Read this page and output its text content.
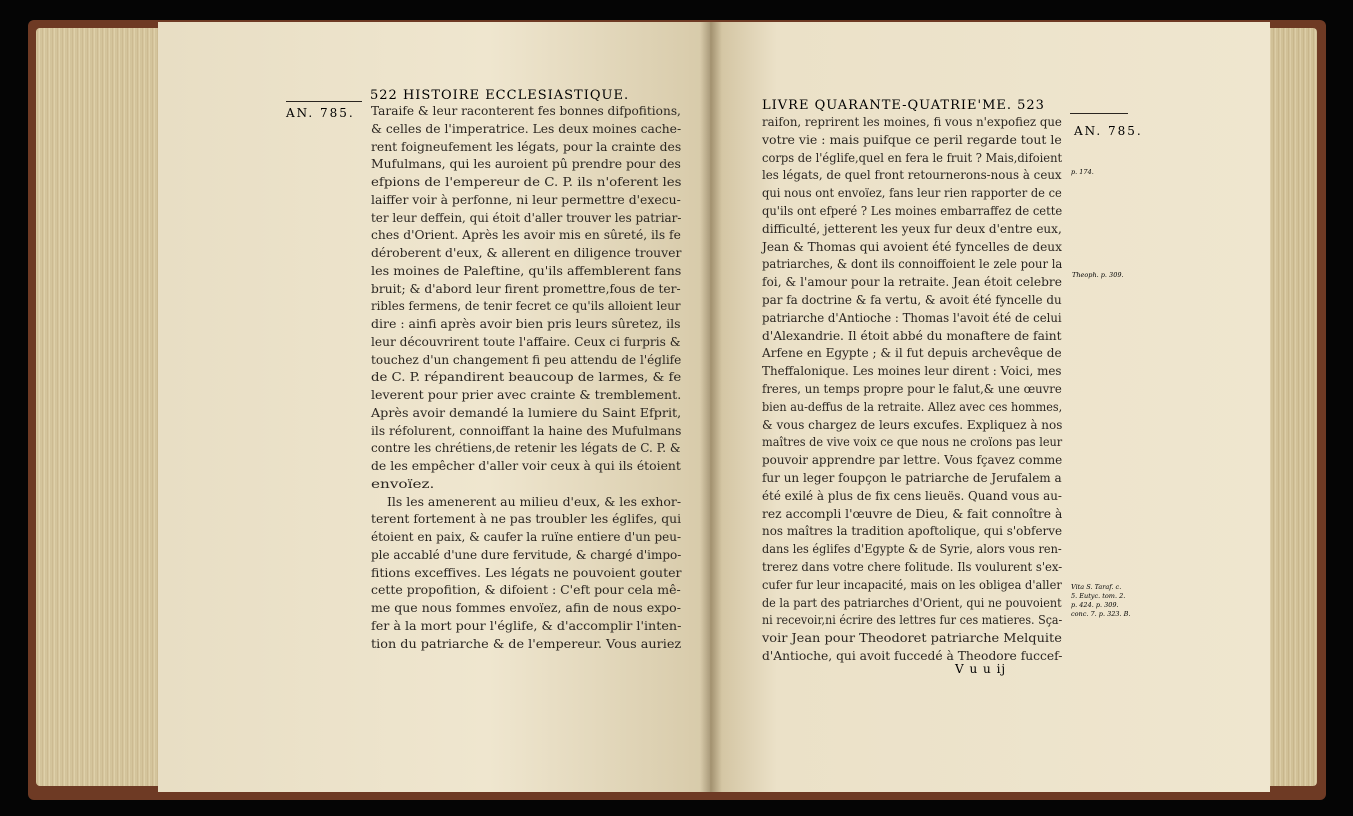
522 HISTOIRE ECCLESIASTIQUE.
AN. 785. Taraife & leur raconterent fes bonnes difpofitions,
& celles de l'imperatrice. Les deux moines cache-
rent foigneufement les légats, pour la crainte des
Mufulmans, qui les auroient pû prendre pour des
efpions de l'empereur de C. P. ils n'oferent les
laiffer voir à perfonne, ni leur permettre d'execu-
ter leur deffein, qui étoit d'aller trouver les patriar-
ches d'Orient. Après les avoir mis en sûreté, ils fe
déroberent d'eux, & allerent en diligence trouver
les moines de Paleftine, qu'ils affemblerent fans
bruit; & d'abord leur firent promettre,fous de ter-
ribles fermens, de tenir fecret ce qu'ils alloient leur
dire : ainfi après avoir bien pris leurs sûretez, ils
leur découvrirent toute l'affaire. Ceux ci furpris &
touchez d'un changement fi peu attendu de l'églife
de C. P. répandirent beaucoup de larmes, & fe
leverent pour prier avec crainte & tremblement.
Après avoir demandé la lumiere du Saint Efprit,
ils réfolurent, connoiffant la haine des Mufulmans
contre les chrétiens,de retenir les légats de C. P. &
de les empêcher d'aller voir ceux à qui ils étoient
envoïez.
Ils les amenerent au milieu d'eux, & les exhor-
terent fortement à ne pas troubler les églifes, qui
étoient en paix, & caufer la ruïne entiere d'un peu-
ple accablé d'une dure fervitude, & chargé d'impo-
fitions exceffives. Les légats ne pouvoient gouter
cette propofition, & difoient : C'eft pour cela mê-
me que nous fommes envoïez, afin de nous expo-
fer à la mort pour l'églife, & d'accomplir l'inten-
tion du patriarche & de l'empereur. Vous auriez
LIVRE QUARANTE-QUATRIE'ME. 523
AN. 785.
p. 174.
Theoph. p. 309.
Vita S. Taraf. c.
5. Eutyc. tom. 2.
p. 424. p. 309.
conc. 7. p. 323. B.
raifon, reprirent les moines, fi vous n'expofiez que
votre vie : mais puifque ce peril regarde tout le
corps de l'églife,quel en fera le fruit ? Mais,difoient
les légats, de quel front retournerons-nous à ceux
qui nous ont envoïez, fans leur rien rapporter de ce
qu'ils ont efperé ? Les moines embarraffez de cette
difficulté, jetterent les yeux fur deux d'entre eux,
Jean & Thomas qui avoient été fyncelles de deux
patriarches, & dont ils connoiffoient le zele pour la
foi, & l'amour pour la retraite. Jean étoit celebre
par fa doctrine & fa vertu, & avoit été fyncelle du
patriarche d'Antioche : Thomas l'avoit été de celui
d'Alexandrie. Il étoit abbé du monaftere de faint
Arfene en Egypte ; & il fut depuis archevêque de
Theffalonique. Les moines leur dirent : Voici, mes
freres, un temps propre pour le falut,& une œuvre
bien au-deffus de la retraite. Allez avec ces hommes,
& vous chargez de leurs excufes. Expliquez à nos
maîtres de vive voix ce que nous ne croïons pas leur
pouvoir apprendre par lettre. Vous fçavez comme
fur un leger foupçon le patriarche de Jerufalem a
été exilé à plus de fix cens lieuës. Quand vous au-
rez accompli l'œuvre de Dieu, & fait connoître à
nos maîtres la tradition apoftolique, qui s'obferve
dans les églifes d'Egypte & de Syrie, alors vous ren-
trerez dans votre chere folitude. Ils voulurent s'ex-
cufer fur leur incapacité, mais on les obligea d'aller
de la part des patriarches d'Orient, qui ne pouvoient
ni recevoir,ni écrire des lettres fur ces matieres. Sça-
voir Jean pour Theodoret patriarche Melquite
d'Antioche, qui avoit fuccedé à Theodore fuccef-
V u u ij
